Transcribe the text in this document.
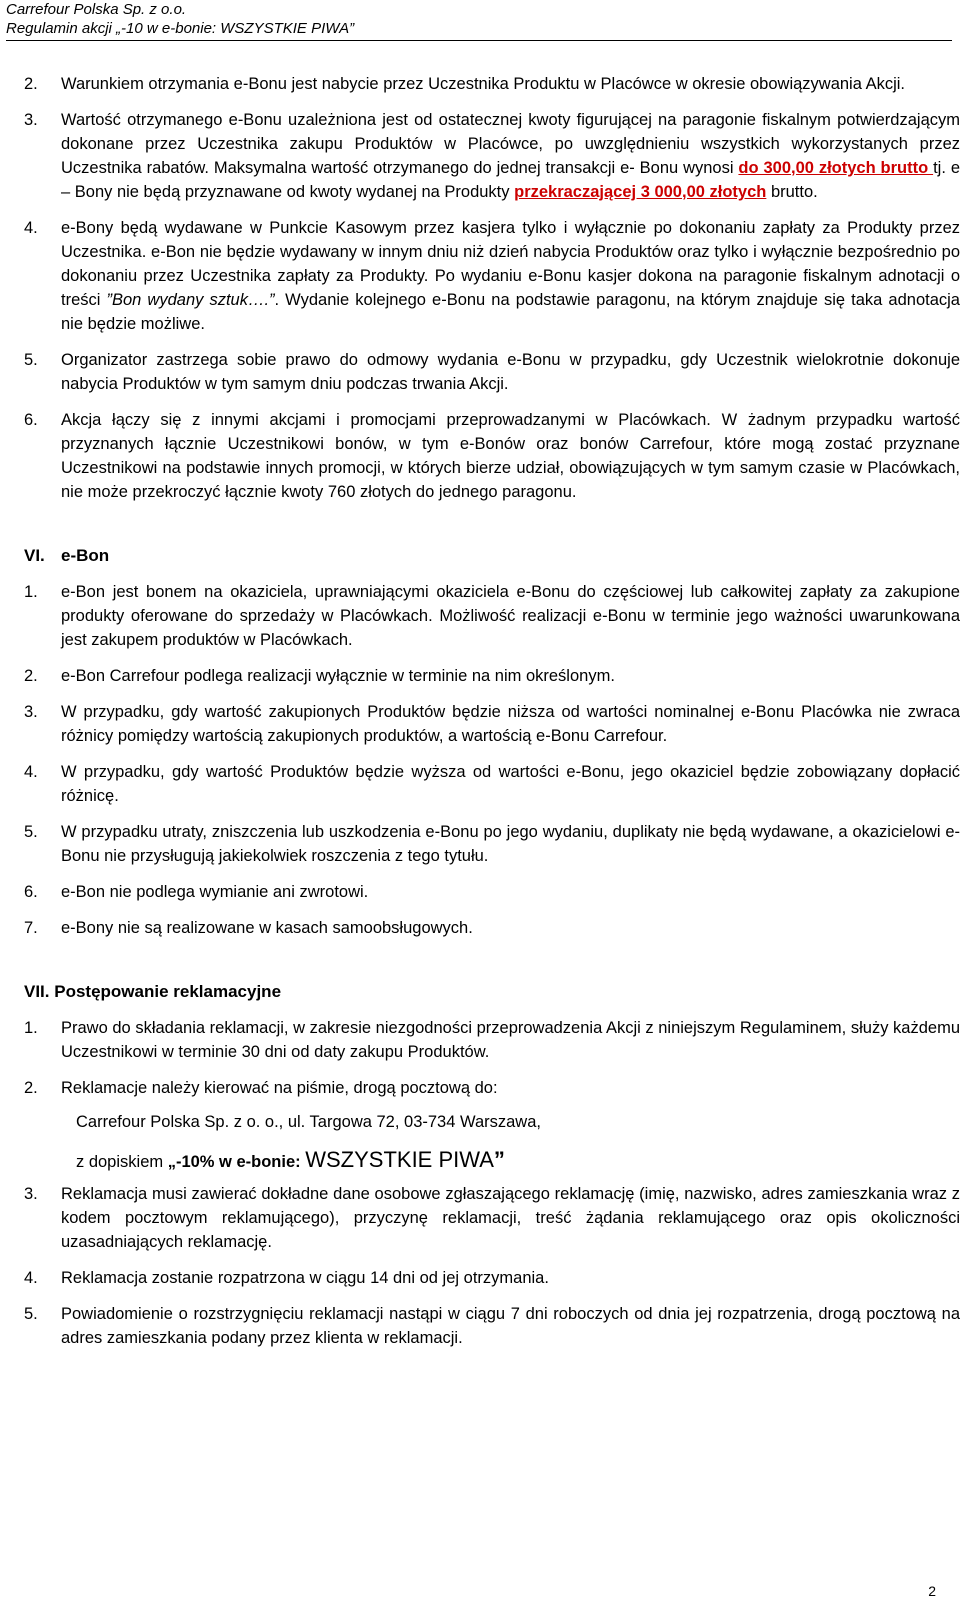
Carrefour Polska Sp. z o.o.
Regulamin akcji „-10 w e-bonie: WSZYSTKIE PIWA”
2. Warunkiem otrzymania e-Bonu jest nabycie przez Uczestnika Produktu w Placówce w okresie obowiązywania Akcji.

3. Wartość otrzymanego e-Bonu uzależniona jest od ostatecznej kwoty figurującej na paragonie fiskalnym potwierdzającym dokonane przez Uczestnika zakupu Produktów w Placówce, po uwzględnieniu wszystkich wykorzystanych przez Uczestnika rabatów. Maksymalna wartość otrzymanego do jednej transakcji e- Bonu wynosi do 300,00 złotych brutto tj. e – Bony nie będą przyznawane od kwoty wydanej na Produkty przekraczającej 3 000,00 złotych brutto.

4. e-Bony będą wydawane w Punkcie Kasowym przez kasjera tylko i wyłącznie po dokonaniu zapłaty za Produkty przez Uczestnika. e-Bon nie będzie wydawany w innym dniu niż dzień nabycia Produktów oraz tylko i wyłącznie bezpośrednio po dokonaniu przez Uczestnika zapłaty za Produkty. Po wydaniu e-Bonu kasjer dokona na paragonie fiskalnym adnotacji o treści ”Bon wydany sztuk….”. Wydanie kolejnego e-Bonu na podstawie paragonu, na którym znajduje się taka adnotacja nie będzie możliwe.

5. Organizator zastrzega sobie prawo do odmowy wydania e-Bonu w przypadku, gdy Uczestnik wielokrotnie dokonuje nabycia Produktów w tym samym dniu podczas trwania Akcji.

6. Akcja łączy się z innymi akcjami i promocjami przeprowadzanymi w Placówkach. W żadnym przypadku wartość przyznanych łącznie Uczestnikowi bonów, w tym e-Bonów oraz bonów Carrefour, które mogą zostać przyznane Uczestnikowi na podstawie innych promocji, w których bierze udział, obowiązujących w tym samym czasie w Placówkach, nie może przekroczyć łącznie kwoty 760 złotych do jednego paragonu.

VI. e-Bon
1. e-Bon jest bonem na okaziciela, uprawniającymi okaziciela e-Bonu do częściowej lub całkowitej zapłaty za zakupione produkty oferowane do sprzedaży w Placówkach. Możliwość realizacji e-Bonu w terminie jego ważności uwarunkowana jest zakupem produktów w Placówkach.

2. e-Bon Carrefour podlega realizacji wyłącznie w terminie na nim określonym.

3. W przypadku, gdy wartość zakupionych Produktów będzie niższa od wartości nominalnej e-Bonu Placówka nie zwraca różnicy pomiędzy wartością zakupionych produktów, a wartością e-Bonu Carrefour.

4. W przypadku, gdy wartość Produktów będzie wyższa od wartości e-Bonu, jego okaziciel będzie zobowiązany dopłacić różnicę.

5. W przypadku utraty, zniszczenia lub uszkodzenia e-Bonu po jego wydaniu, duplikaty nie będą wydawane, a okazicielowi e-Bonu nie przysługują jakiekolwiek roszczenia z tego tytułu.

6. e-Bon nie podlega wymianie ani zwrotowi.

7. e-Bony nie są realizowane w kasach samoobsługowych.

VII. Postępowanie reklamacyjne
1. Prawo do składania reklamacji, w zakresie niezgodności przeprowadzenia Akcji z niniejszym Regulaminem, służy każdemu Uczestnikowi w terminie 30 dni od daty zakupu Produktów.

2. Reklamacje należy kierować na piśmie, drogą pocztową do:

Carrefour Polska Sp. z o. o., ul. Targowa 72, 03-734 Warszawa,

z dopiskiem „-10% w e-bonie: WSZYSTKIE PIWA”

3. Reklamacja musi zawierać dokładne dane osobowe zgłaszającego reklamację (imię, nazwisko, adres zamieszkania wraz z kodem pocztowym reklamującego), przyczynę reklamacji, treść żądania reklamującego oraz opis okoliczności uzasadniających reklamację.

4. Reklamacja zostanie rozpatrzona w ciągu 14 dni od jej otrzymania.

5. Powiadomienie o rozstrzygnięciu reklamacji nastąpi w ciągu 7 dni roboczych od dnia jej rozpatrzenia, drogą pocztową na adres zamieszkania podany przez klienta w reklamacji.

2
